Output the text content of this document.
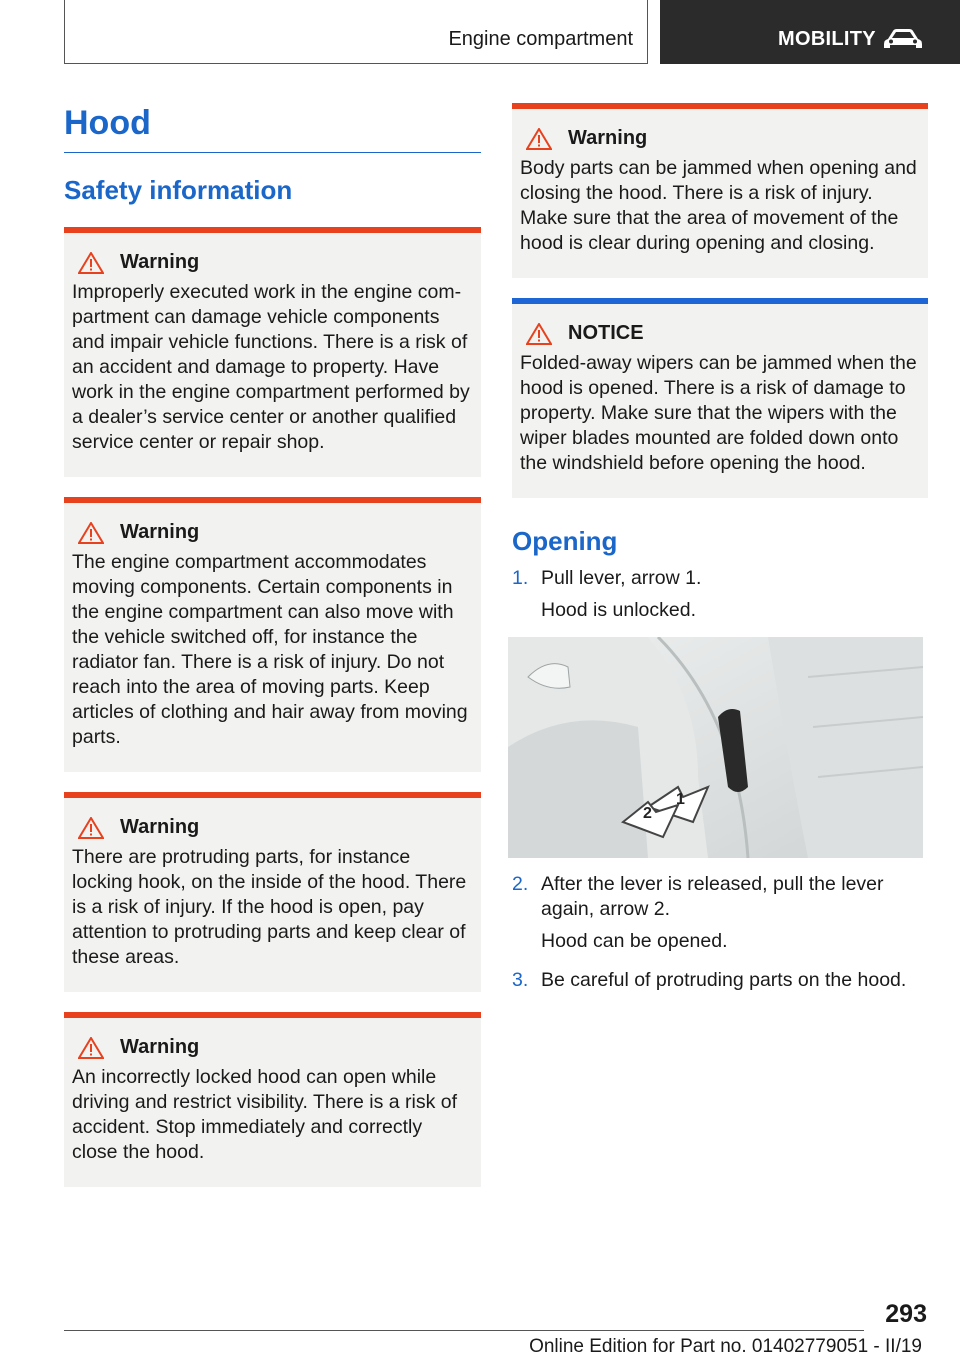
Engine compartment	MOBILITY
Hood
Safety information
Warning

Improperly executed work in the engine compartment can damage vehicle components and impair vehicle functions. There is a risk of an accident and damage to property. Have work in the engine compartment performed by a dealer’s service center or another qualified service center or repair shop.

Warning

The engine compartment accommodates moving components. Certain components in the engine compartment can also move with the vehicle switched off, for instance the radiator fan. There is a risk of injury. Do not reach into the area of moving parts. Keep articles of clothing and hair away from moving parts.

Warning

There are protruding parts, for instance locking hook, on the inside of the hood. There is a risk of injury. If the hood is open, pay attention to protruding parts and keep clear of these areas.

Warning

An incorrectly locked hood can open while driving and restrict visibility. There is a risk of accident. Stop immediately and correctly close the hood.

Warning

Body parts can be jammed when opening and closing the hood. There is a risk of injury. Make sure that the area of movement of the hood is clear during opening and closing.

NOTICE

Folded-away wipers can be jammed when the hood is opened. There is a risk of damage to property. Make sure that the wipers with the wiper blades mounted are folded down onto the windshield before opening the hood.

Opening
1. Pull lever, arrow 1.
Hood is unlocked.
1
2
2. After the lever is released, pull the lever again, arrow 2.
Hood can be opened.
3. Be careful of protruding parts on the hood.
293
Online Edition for Part no. 01402779051 - II/19
